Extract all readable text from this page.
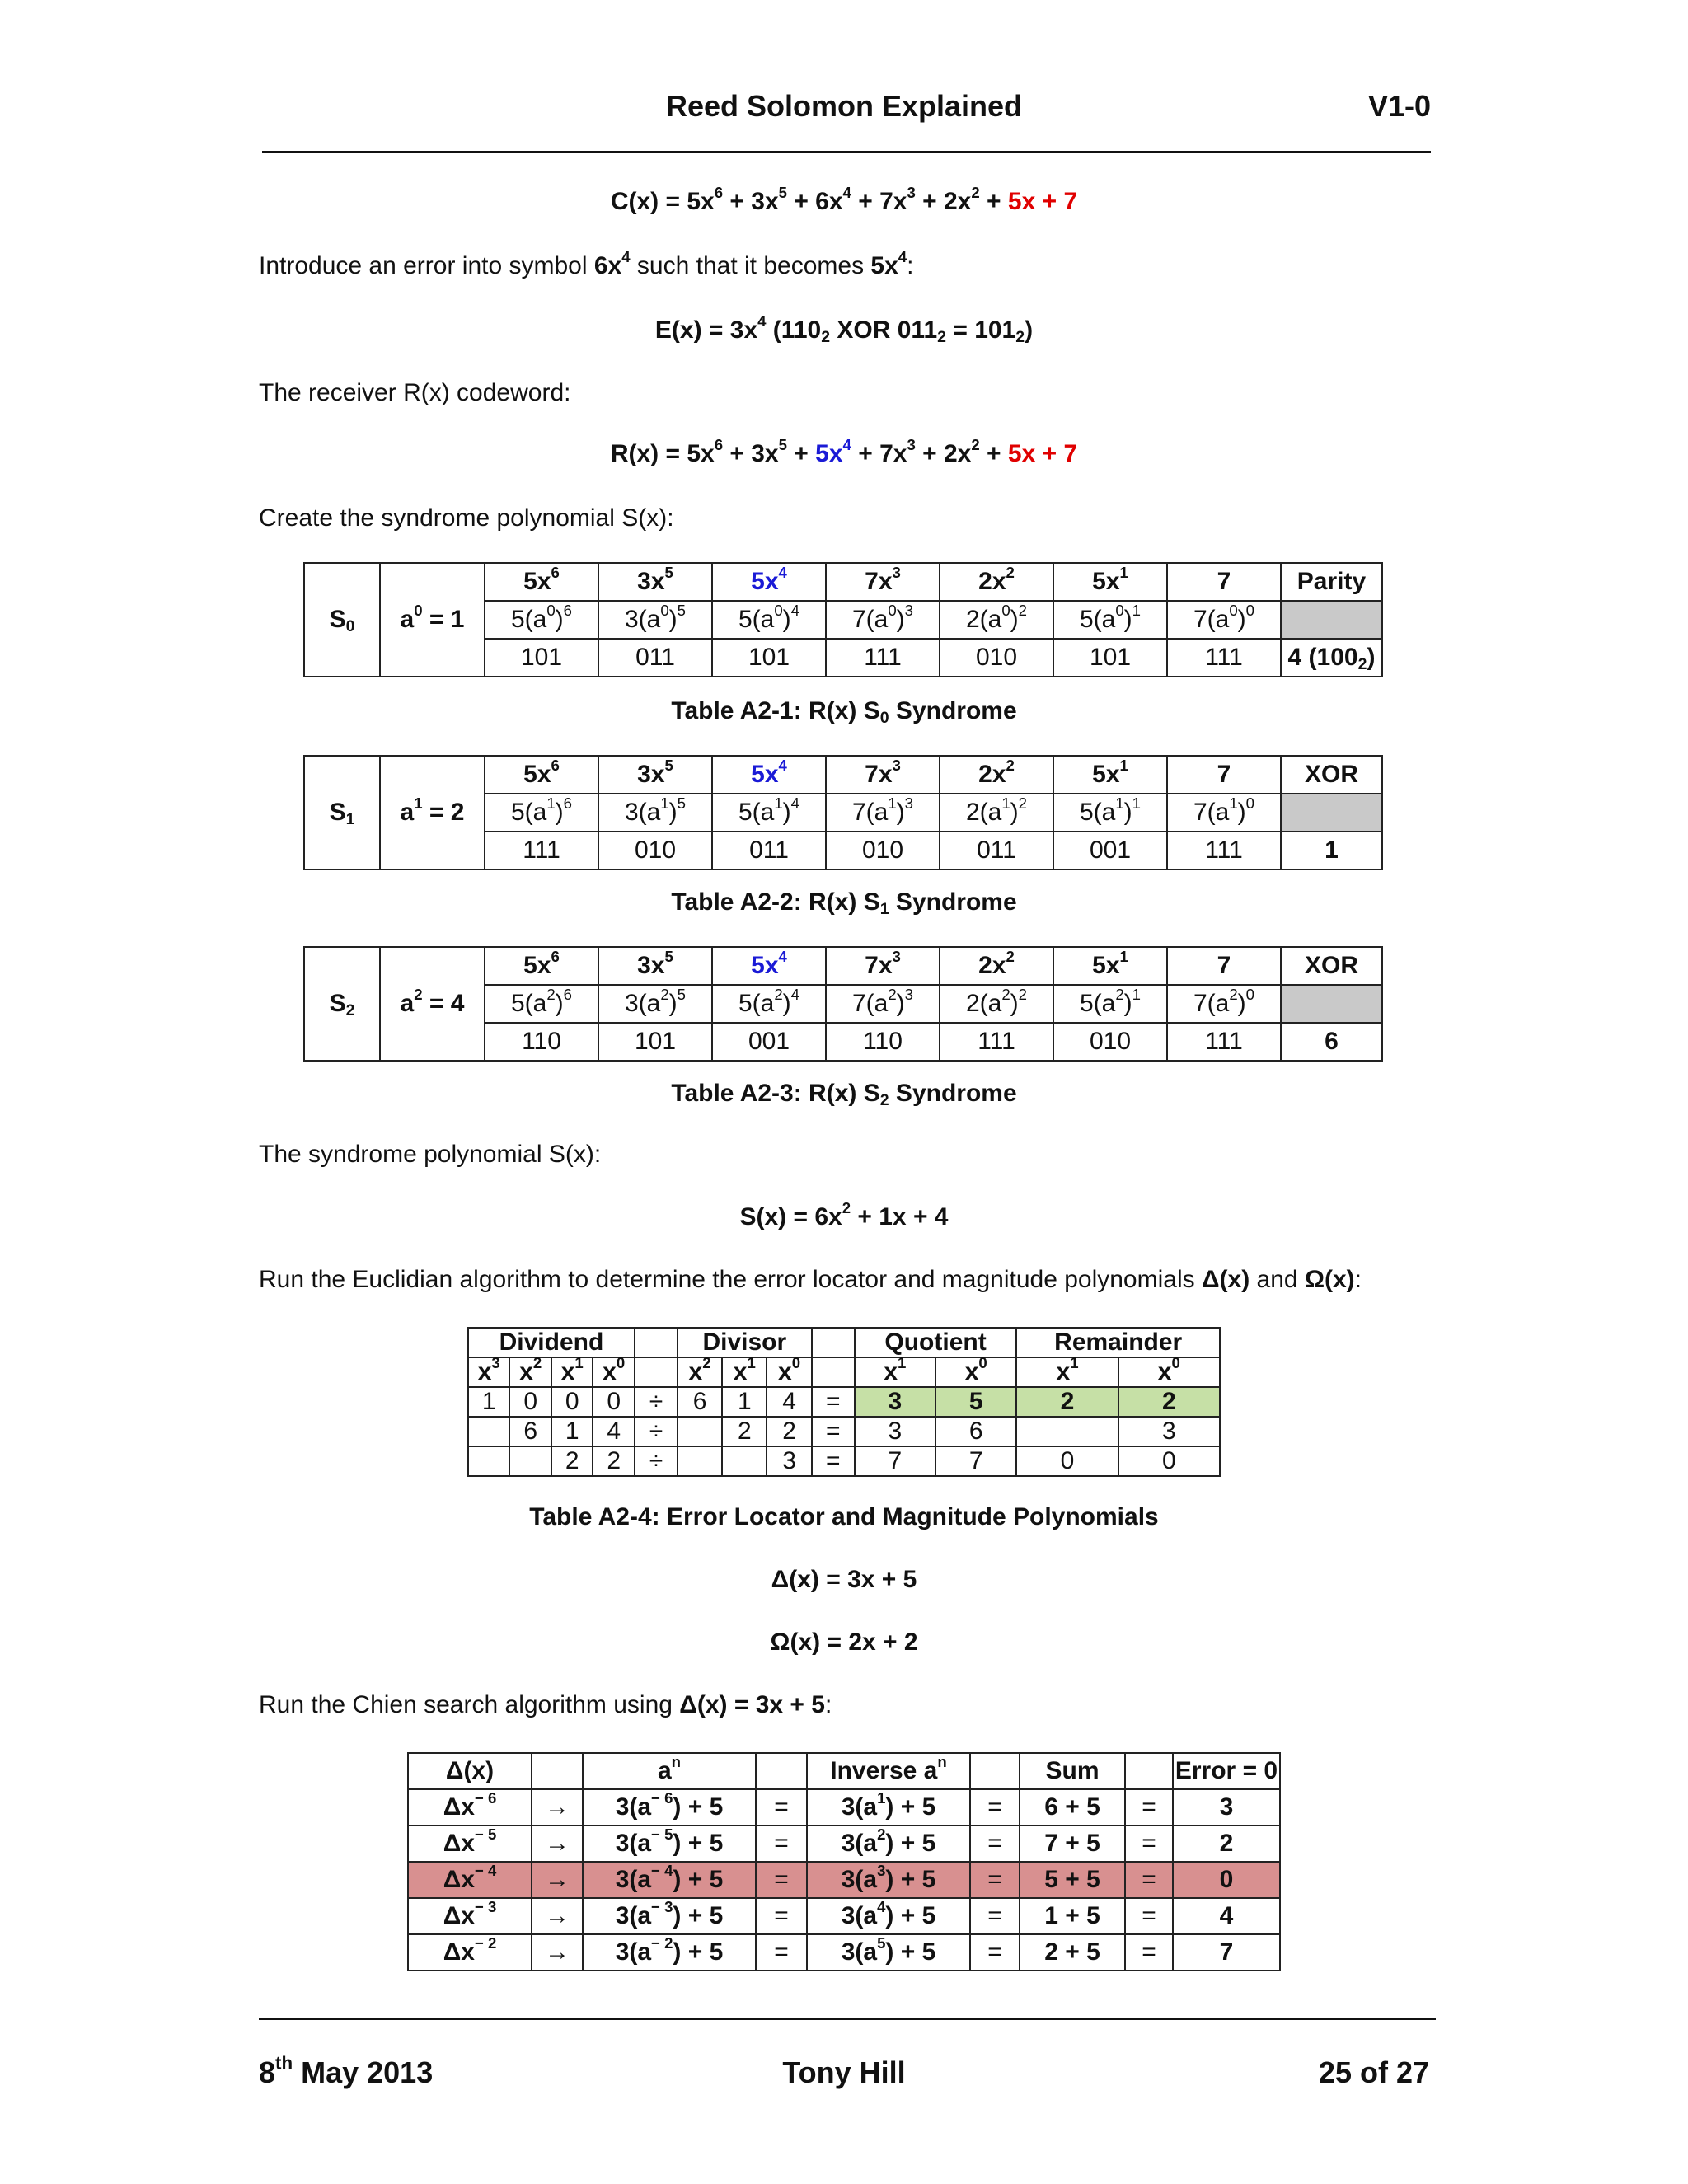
Reed Solomon Explained	V1-0
$C(x) = 5x^6 + 3x^5 + 6x^4 + 7x^3 + 2x^2 + 5x + 7$
Introduce an error into symbol $6x^4$ such that it becomes $5x^4$:
$E(x) = 3x^4$ ($110_2$ XOR $011_2 = 101_2$)
The receiver R(x) codeword:
$R(x) = 5x^6 + 3x^5 + 5x^4 + 7x^3 + 2x^2 + 5x + 7$
Create the syndrome polynomial S(x):
The syndrome polynomial S(x):
$S(x) = 6x^2 + 1x + 4$
Run the Euclidian algorithm to determine the error locator and magnitude polynomials Δ(x) and Ω(x):
Dividend					Divisor				Quotient		Remainder	
$x^3$	$x^2$	$x^1$	$x^0$		$x^2$	$x^1$	$x^0$		$x^1$	$x^0$	$x^1$	$x^0$
1	0	0	0	÷	6	1	4	=	3	5	2	2
	6	1	4	÷		2	2	=	3	6		3
		2	2	÷			3	=	7	7	0	0
Table A2-4: Error Locator and Magnitude Polynomials
Δ(x) = 3x + 5
Ω(x) = 2x + 2
Run the Chien search algorithm using Δ(x) = 3x + 5:
Δ(x)		$a^n$		Inverse $a^n$		Sum		Error = 0
$\Delta x^{- 6}$	→	$3(a^{- 6}) + 5$	=	$3(a^1) + 5$	=	6 + 5	=	3
$\Delta x^{- 5}$	→	$3(a^{- 5}) + 5$	=	$3(a^2) + 5$	=	7 + 5	=	2
$\Delta x^{- 4}$	→	$3(a^{- 4}) + 5$	=	$3(a^3) + 5$	=	5 + 5	=	0
$\Delta x^{- 3}$	→	$3(a^{- 3}) + 5$	=	$3(a^4) + 5$	=	1 + 5	=	4
$\Delta x^{- 2}$	→	$3(a^{- 2}) + 5$	=	$3(a^5) + 5$	=	2 + 5	=	7
8th May 2013	Tony Hill	25 of 27
$S_0$	$a^0 = 1$	$5x^6$	$3x^5$	$5x^4$	$7x^3$	$2x^2$	$5x^1$	7	Parity
		$5(a^0)^6$	$3(a^0)^5$	$5(a^0)^4$	$7(a^0)^3$	$2(a^0)^2$	$5(a^0)^1$	$7(a^0)^0$	
		101	011	101	111	010	101	111	4 $(100_2)$
Table A2-1: R(x) $S_0$ Syndrome
$S_1$	$a^1 = 2$	$5x^6$	$3x^5$	$5x^4$	$7x^3$	$2x^2$	$5x^1$	7	XOR
		$5(a^1)^6$	$3(a^1)^5$	$5(a^1)^4$	$7(a^1)^3$	$2(a^1)^2$	$5(a^1)^1$	$7(a^1)^0$	
		111	010	011	010	011	001	111	1
Table A2-2: R(x) $S_1$ Syndrome
$S_2$	$a^2 = 4$	$5x^6$	$3x^5$	$5x^4$	$7x^3$	$2x^2$	$5x^1$	7	XOR
		$5(a^2)^6$	$3(a^2)^5$	$5(a^2)^4$	$7(a^2)^3$	$2(a^2)^2$	$5(a^2)^1$	$7(a^2)^0$	
		110	101	001	110	111	010	111	6
Table A2-3: R(x) $S_2$ Syndrome
